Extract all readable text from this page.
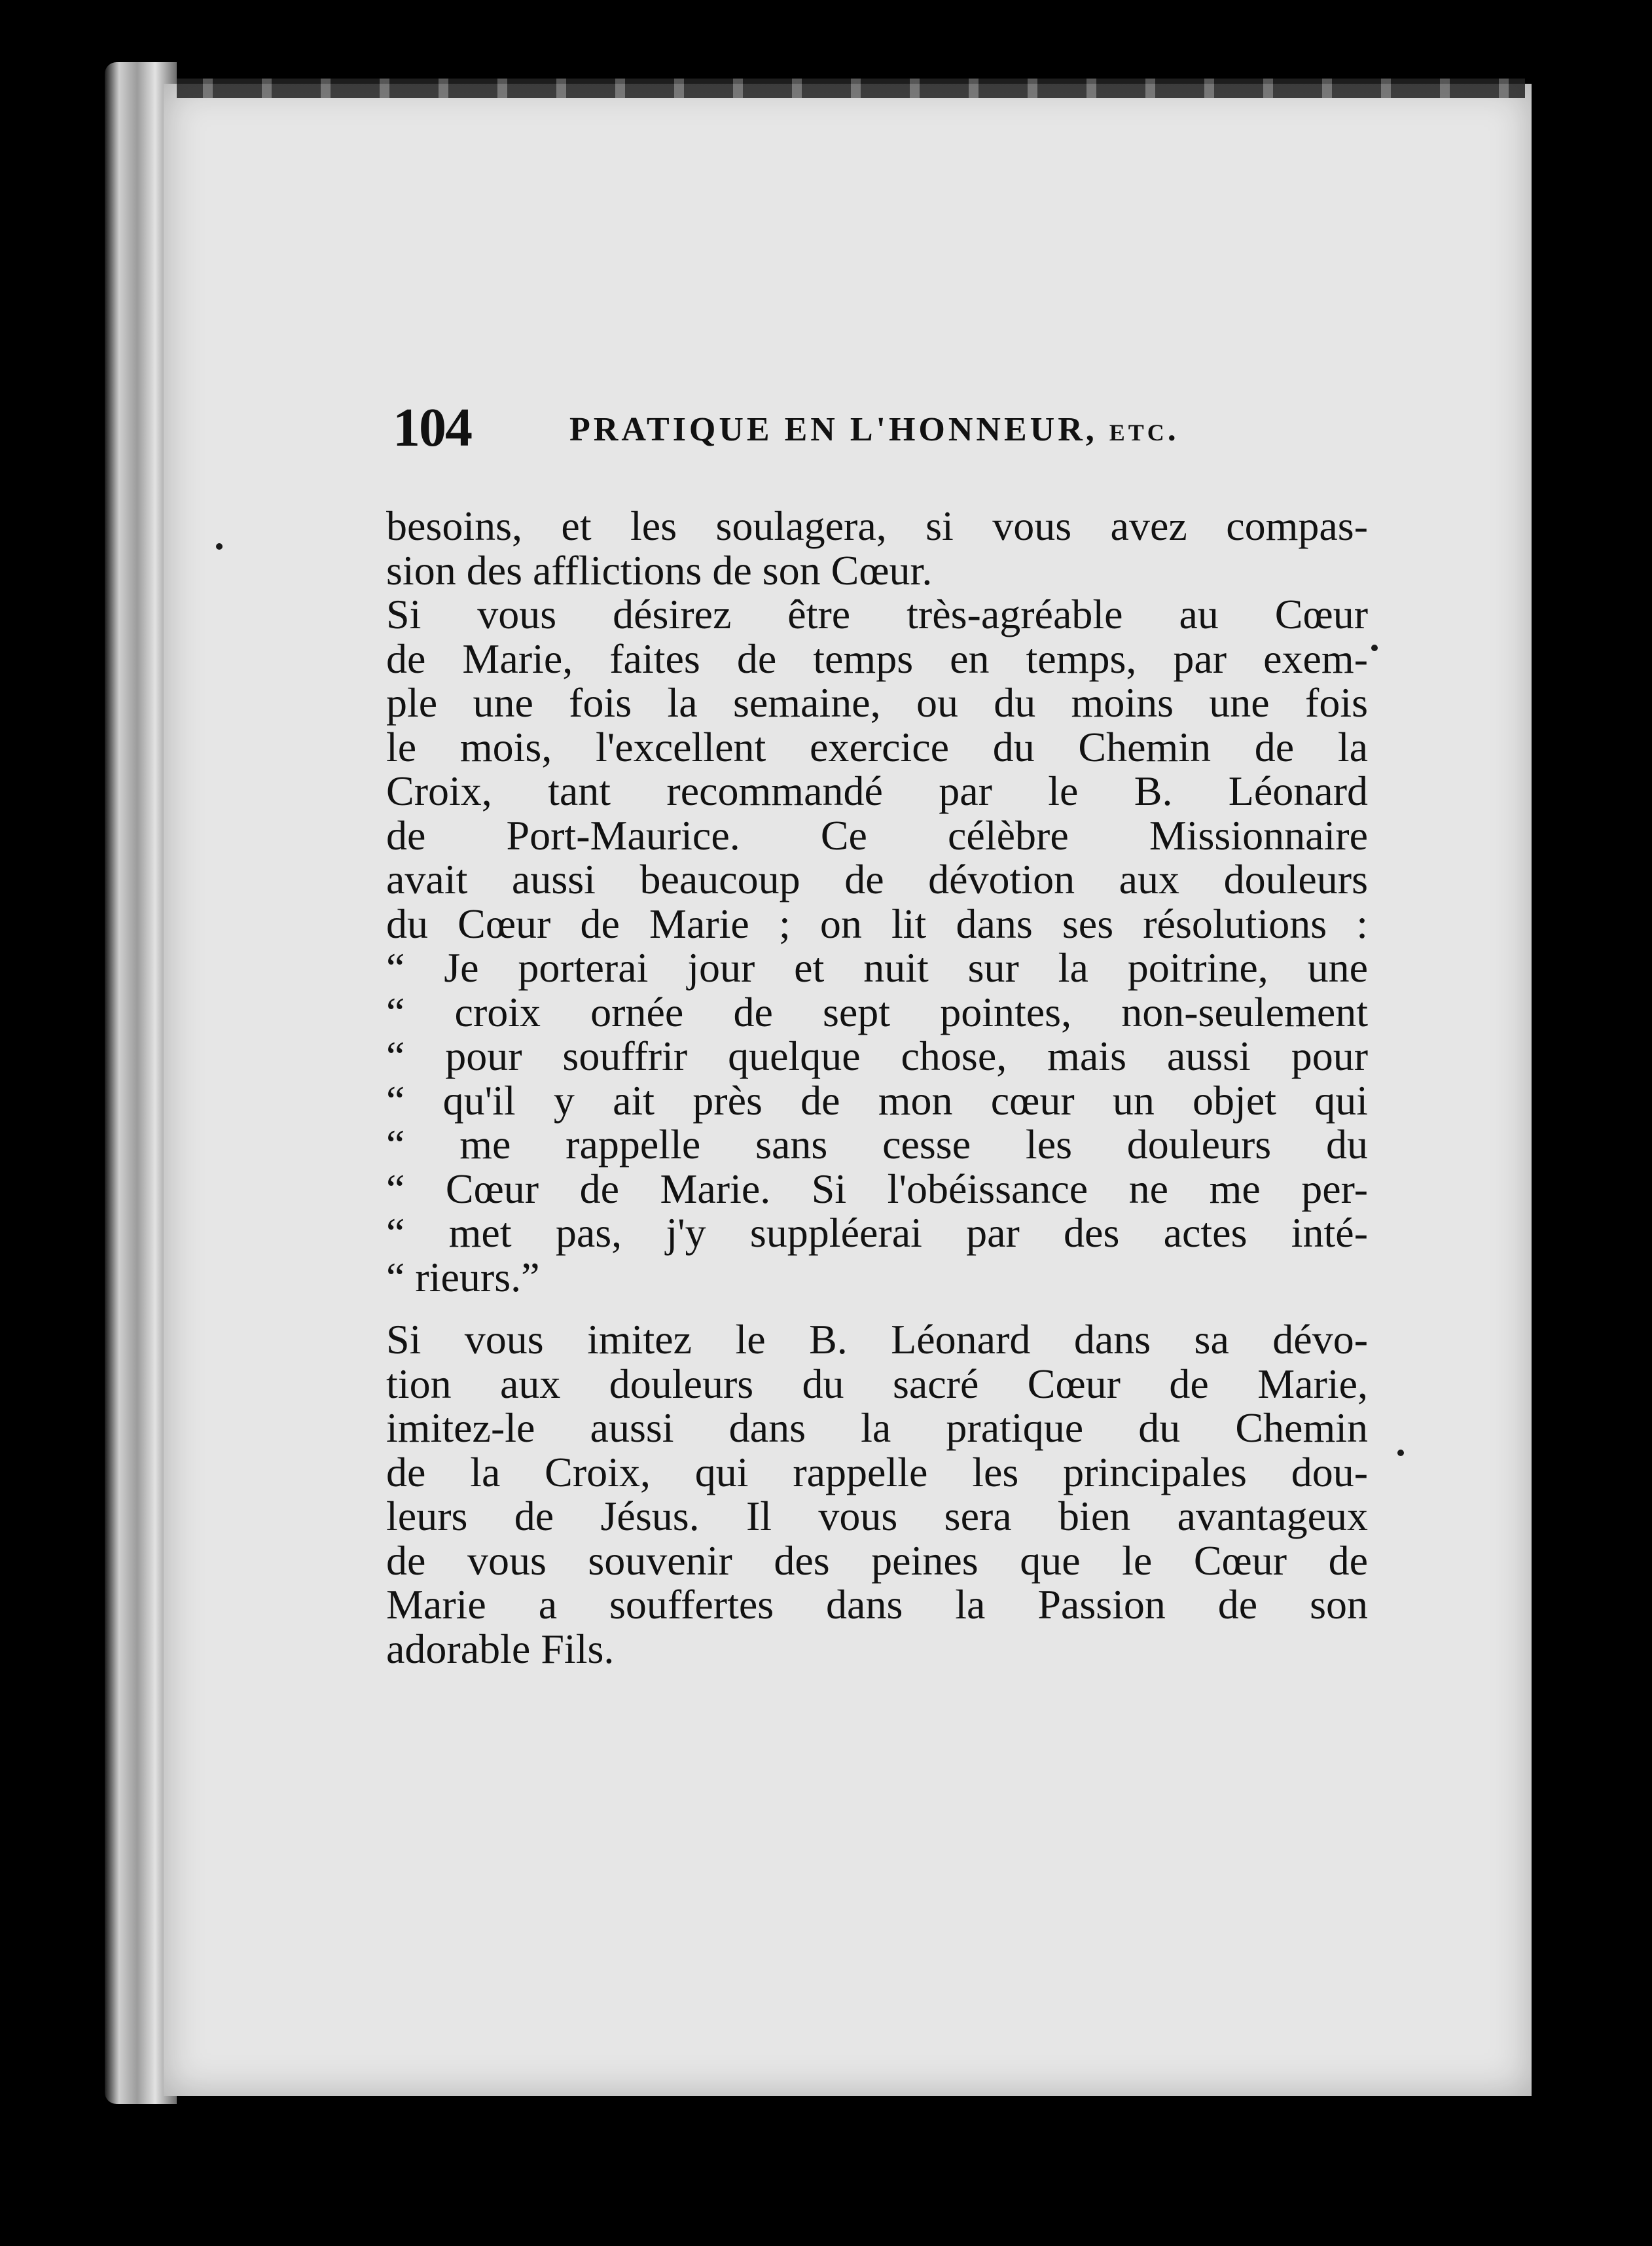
104	PRATIQUE EN L'HONNEUR, etc.
besoins, et les soulagera, si vous avez compas-
sion des afflictions de son Cœur.
Si vous désirez être très-agréable au Cœur
de Marie, faites de temps en temps, par exem-
ple une fois la semaine, ou du moins une fois
le mois, l'excellent exercice du Chemin de la
Croix, tant recommandé par le B. Léonard
de Port-Maurice. Ce célèbre Missionnaire
avait aussi beaucoup de dévotion aux douleurs
du Cœur de Marie ; on lit dans ses résolutions :
“ Je porterai jour et nuit sur la poitrine, une
“ croix ornée de sept pointes, non-seulement
“ pour souffrir quelque chose, mais aussi pour
“ qu'il y ait près de mon cœur un objet qui
“ me rappelle sans cesse les douleurs du
“ Cœur de Marie. Si l'obéissance ne me per-
“ met pas, j'y suppléerai par des actes inté-
“ rieurs.”
Si vous imitez le B. Léonard dans sa dévo-
tion aux douleurs du sacré Cœur de Marie,
imitez-le aussi dans la pratique du Chemin
de la Croix, qui rappelle les principales dou-
leurs de Jésus. Il vous sera bien avantageux
de vous souvenir des peines que le Cœur de
Marie a souffertes dans la Passion de son
adorable Fils.
